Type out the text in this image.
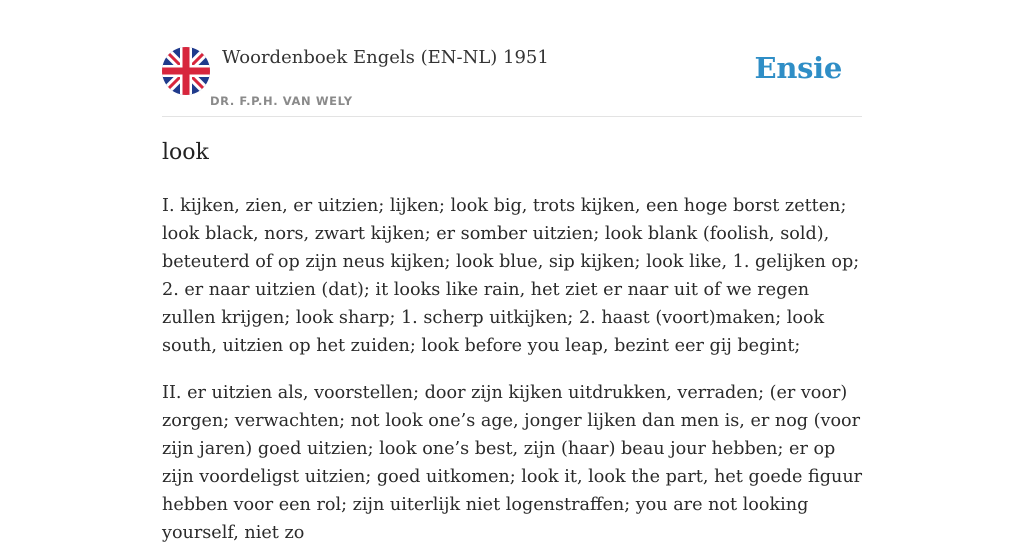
Woordenboek Engels (EN-NL) 1951
DR. F.P.H. VAN WELY
Ensie
look

I. kijken, zien, er uitzien; lijken; look big, trots kijken, een hoge borst zetten; look black, nors, zwart kijken; er somber uitzien; look blank (foolish, sold), beteuterd of op zijn neus kijken; look blue, sip kijken; look like, 1. gelijken op; 2. er naar uitzien (dat); it looks like rain, het ziet er naar uit of we regen zullen krijgen; look sharp; 1. scherp uitkijken; 2. haast (voort)maken; look south, uitzien op het zuiden; look before you leap, bezint eer gij begint;

II. er uitzien als, voorstellen; door zijn kijken uitdrukken, verraden; (er voor) zorgen; verwachten; not look one’s age, jonger lijken dan men is, er nog (voor zijn jaren) goed uitzien; look one’s best, zijn (haar) beau jour hebben; er op zijn voordeligst uitzien; goed uitkomen; look it, look the part, het goede figuur hebben voor een rol; zijn uiterlijk niet logenstraffen; you are not looking yourself, niet zo
